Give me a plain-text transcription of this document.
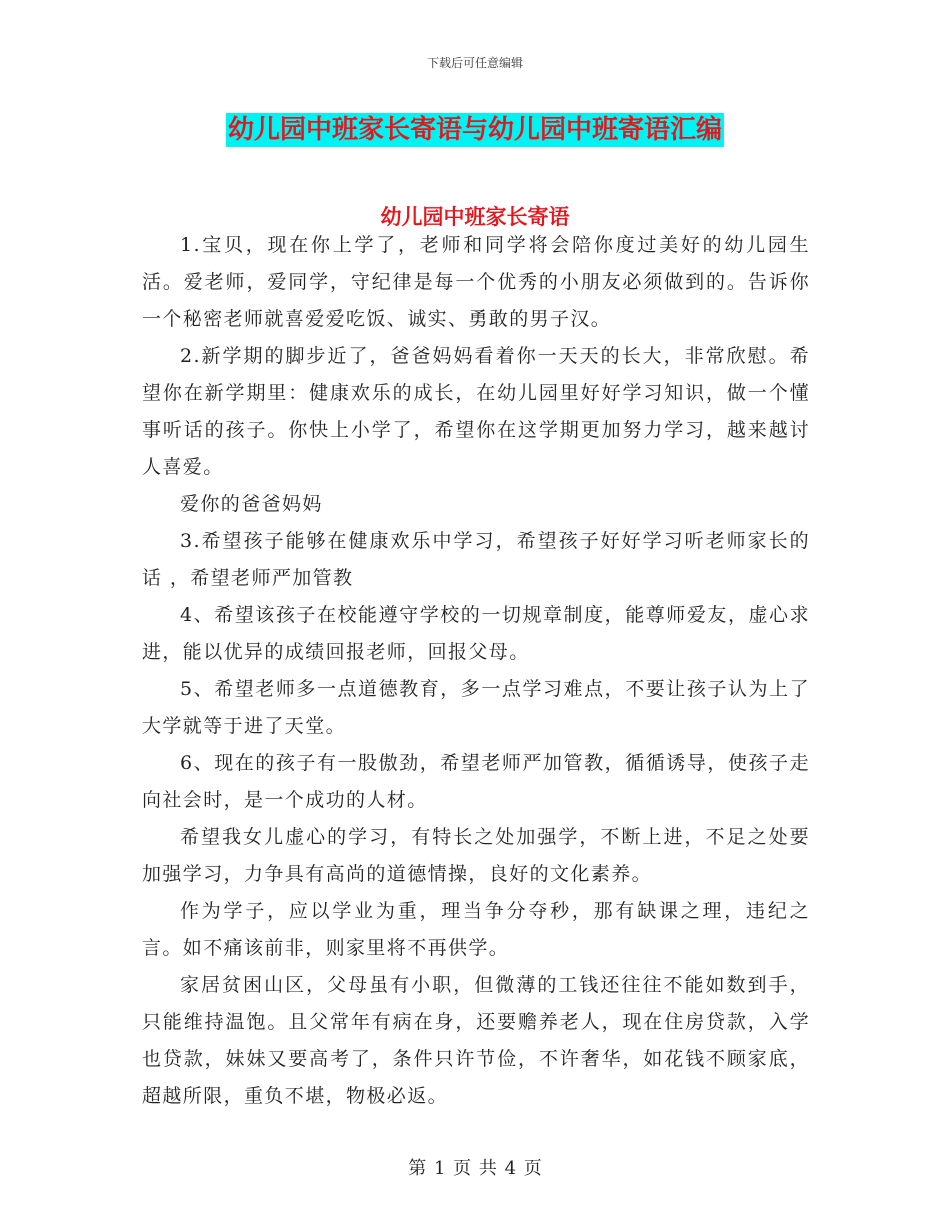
下载后可任意编辑
幼儿园中班家长寄语与幼儿园中班寄语汇编
幼儿园中班家长寄语

1.宝贝，现在你上学了，老师和同学将会陪你度过美好的幼儿园生活。爱老师，爱同学，守纪律是每一个优秀的小朋友必须做到的。告诉你一个秘密老师就喜爱爱吃饭、诚实、勇敢的男子汉。

2.新学期的脚步近了，爸爸妈妈看着你一天天的长大，非常欣慰。希望你在新学期里：健康欢乐的成长，在幼儿园里好好学习知识，做一个懂事听话的孩子。你快上小学了，希望你在这学期更加努力学习，越来越讨人喜爱。

爱你的爸爸妈妈

3.希望孩子能够在健康欢乐中学习，希望孩子好好学习听老师家长的话 ，希望老师严加管教

4、希望该孩子在校能遵守学校的一切规章制度，能尊师爱友，虚心求进，能以优异的成绩回报老师，回报父母。

5、希望老师多一点道德教育，多一点学习难点，不要让孩子认为上了大学就等于进了天堂。

6、现在的孩子有一股傲劲，希望老师严加管教，循循诱导，使孩子走向社会时，是一个成功的人材。

希望我女儿虚心的学习，有特长之处加强学，不断上进，不足之处要加强学习，力争具有高尚的道德情操，良好的文化素养。

作为学子，应以学业为重，理当争分夺秒，那有缺课之理，违纪之言。如不痛该前非，则家里将不再供学。

家居贫困山区，父母虽有小职，但微薄的工钱还往往不能如数到手，只能维持温饱。且父常年有病在身，还要赡养老人，现在住房贷款，入学也贷款，妹妹又要高考了，条件只许节俭，不许奢华，如花钱不顾家底，超越所限，重负不堪，物极必返。

第 1 页 共 4 页
